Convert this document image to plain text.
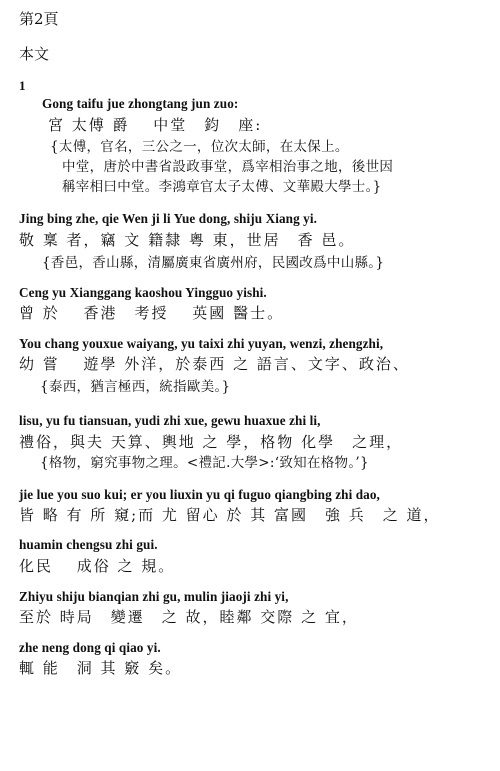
第2頁
本文
1
Gong taifu jue zhongtang jun zuo:
宮 太傅 爵　 中堂　鈞　座:
{太傅，官名，三公之一，位次太師，在太保上。
中堂，唐於中書省設政事堂，爲宰相治事之地，後世因
稱宰相曰中堂。李鴻章官太子太傅、文華殿大學士。}
Jing bing zhe, qie Wen ji li Yue dong, shiju Xiang yi.
敬 稟 者，竊 文 籍隸 粵 東，世居　香 邑。
{香邑，香山縣，清屬廣東省廣州府，民國改爲中山縣。}
Ceng yu Xianggang kaoshou Yingguo yishi.
曾 於　 香港　考授　 英國 醫士。
You chang youxue waiyang, yu taixi zhi yuyan, wenzi, zhengzhi,
幼 嘗　 遊學 外洋，於泰西 之 語言、文字、政治、
{泰西，猶言極西，統指歐美。}
lisu, yu fu tiansuan, yudi zhi xue, gewu huaxue zhi li,
禮俗，與夫 天算、輿地 之 學，格物 化學　之理，
{格物，窮究事物之理。<禮記.大學>:‘致知在格物。’}
jie lue you suo kui; er you liuxin yu qi fuguo qiangbing zhi dao,
皆 略 有 所 窺;而 尤 留心 於 其 富國　強 兵　之 道，
huamin chengsu zhi gui.
化民　 成俗 之 規。
Zhiyu shiju bianqian zhi gu, mulin jiaoji zhi yi,
至於 時局　變遷　之 故，睦鄰 交際 之 宜，
zhe neng dong qi qiao yi.
輒 能　洞 其 竅 矣。
